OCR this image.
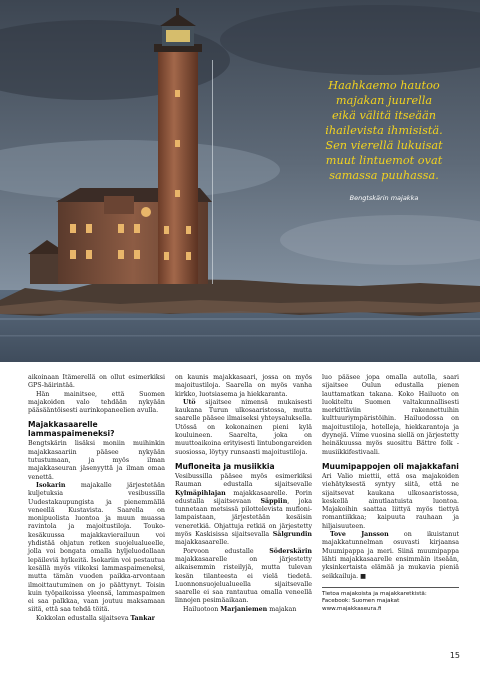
Haahkaemo hautoo

majakan juurella

eikä välitä itseään

ihailevista ihmisistä.

Sen vierellä lukuisat

muut lintuemot ovat

samassa puuhassa.

Bengtskärin majakka

aikoinaan Itämerellä on ollut esimerkiksi GPS-häirintää.

Hän mainitsee, että Suomen majakoiden valo tehdään nykyään pääsääntöisesti aurinkopaneelien avulla.

Majakkasaarelle lammaspaimeneksi?

Bengtskärin lisäksi moniin muihinkin majakkasaariin pääsee nykyään tutustumaan, ja myös ilman majakkaseuran jäsenyyttä ja ilman omaa venettä.

Isokarin majakalle järjestetään kuljetuksia vesibussilla Uudestakaupungista ja pienemmällä veneellä Kustavista. Saarella on monipuolista luontoa ja muun muassa ravintola ja majoitustiloja. Touko-kesäkuussa majakkavierailuun voi yhdistää ohjatun retken suojelualueelle, jolla voi bongata omalla hyljeluodollaan lepäileviä hylkeitä. Isokariin voi pestautua kesällä myös viikoksi lammaspaimeneksi, mutta tämän vuoden paikka-arvontaan ilmoittautuminen on jo päättynyt. Toisin kuin työpaikoissa yleensä, lammaspaimen ei saa palkkaa, vaan joutuu maksamaan siitä, että saa tehdä töitä.

Kokkolan edustalla sijaitseva Tankar

on kaunis majakkasaari, jossa on myös majoitustiloja. Saarella on myös vanha kirkko, luotsiasema ja hiekkaranta.

Utö sijaitsee nimensä mukaisesti kaukana Turun ulkosaaristossa, mutta saarelle pääsee ilmaiseksi yhteysaluksella. Utössä on kokonainen pieni kylä kouluineen. Saarelta, joka on muuttoaikoina erityisesti lintubongareiden suosiossa, löytyy runsaasti majoitustiloja.

Mufloneita ja musiikkia

Vesibussilla pääsee myös esimerkiksi Rauman edustalla sijaitsevalle Kylmäpihlajan majakkasaarelle. Porin edustalla sijaitsevaan Säppiin, joka tunnetaan metsissä pilottelevista mufloni-lampaistaan, järjestetään kesäisin veneretkiä. Ohjattuja retkiä on järjestetty myös Kaskisissa sijaitsevalla Sälgrundin majakkasaarelle.

Porvoon edustalle Söderskärin majakkasaarelle on järjestetty aikaisemmin risteilyjä, mutta tulevan kesän tilanteesta ei vielä tiedetä. Luonnonsuojelualueella sijaitsevalle saarelle ei saa rantautua omalla veneellä linnojen pesimäaikaan.

Hailuotoon Marjaniemen majakan

luo pääsee jopa omalla autolla, saari sijaitsee Oulun edustalla pienen lauttamatkan takana. Koko Hailuoto on luokiteltu Suomen valtakunnallisesti merkittäviin rakennettuihin kulttuuriympäristöihin. Hailuodossa on majoitustiloja, hotelleja, hiekkarantoja ja dyynejä. Viime vuosina siellä on järjestetty heinäkuussa myös suosittu Bättre folk -musiikkifestivaali.

Muumipappojen oli majakkafani

Ari Valio miettii, että osa majakoiden viehätyksestä syntyy siitä, että ne sijaitsevat kaukana ulkosaaristossa, keskellä ainutlaatuista luontoa. Majakoihin saattaa liittyä myös tiettyä romantiikkaa; kaipuuta rauhaan ja hiljaisuuteen.

Tove Jansson on ikuistanut majakkatunnelman osuvasti kirjaansa Muumipappa ja meri. Siinä muumipappa lähti majakkasaarelle ensimmäin itseään, yksinkertaista elämää ja mukavia pieniä seikkailuja. ■

Tietoa majakoista ja majakkaretkistä:
Facebook: Suomen majakat
www.majakkaseura.fi
15
